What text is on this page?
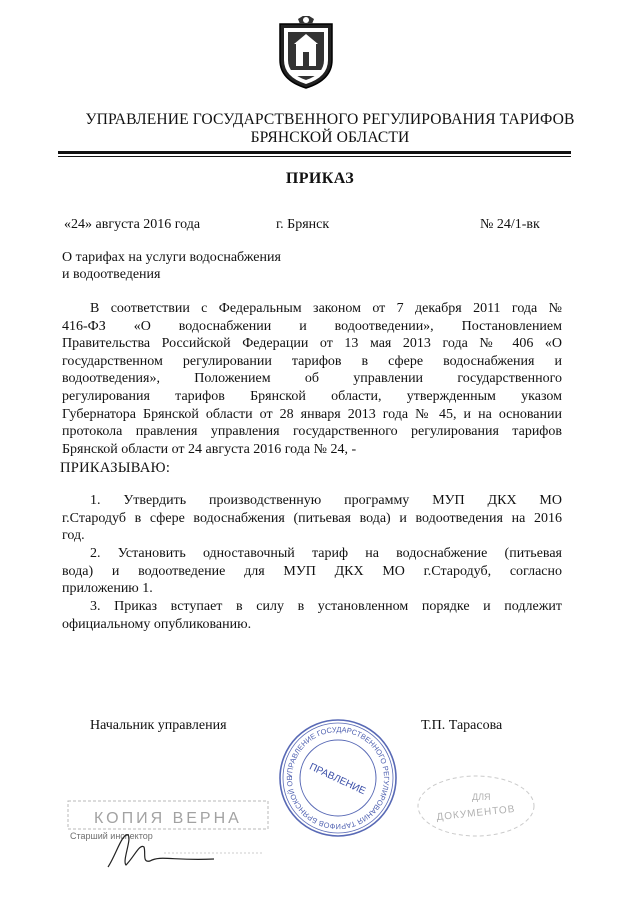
УПРАВЛЕНИЕ ГОСУДАРСТВЕННОГО РЕГУЛИРОВАНИЯ ТАРИФОВ
БРЯНСКОЙ ОБЛАСТИ
ПРИКАЗ
«24» августа 2016 года	г. Брянск	№ 24/1-вк
О тарифах на услуги водоснабжения
и водоотведения
В соответствии с Федеральным законом от 7 декабря 2011 года №
416-ФЗ «О водоснабжении и водоотведении», Постановлением
Правительства Российской Федерации от 13 мая 2013 года № 406 «О
государственном регулировании тарифов в сфере водоснабжения и
водоотведения», Положением об управлении государственного
регулирования тарифов Брянской области, утвержденным указом
Губернатора Брянской области от 28 января 2013 года № 45, и на основании
протокола правления управления государственного регулирования тарифов
Брянской области от 24 августа 2016 года № 24, -
ПРИКАЗЫВАЮ:
1. Утвердить производственную программу МУП ДКХ МО
г.Стародуб в сфере водоснабжения (питьевая вода) и водоотведения на 2016
год.
2. Установить одноставочный тариф на водоснабжение (питьевая
вода) и водоотведение для МУП ДКХ МО г.Стародуб, согласно
приложению 1.
3. Приказ вступает в силу в установленном порядке и подлежит
официальному опубликованию.
Начальник управления	Т.П. Тарасова
УПРАВЛЕНИЕ ГОСУДАРСТВЕННОГО РЕГУЛИРОВАНИЯ ТАРИФОВ БРЯНСКОЙ ОБ	ПРАВЛЕНИЕ
КОПИЯ ВЕРНА
Старший инспектор
ДЛЯ
ДОКУМЕНТОВ
